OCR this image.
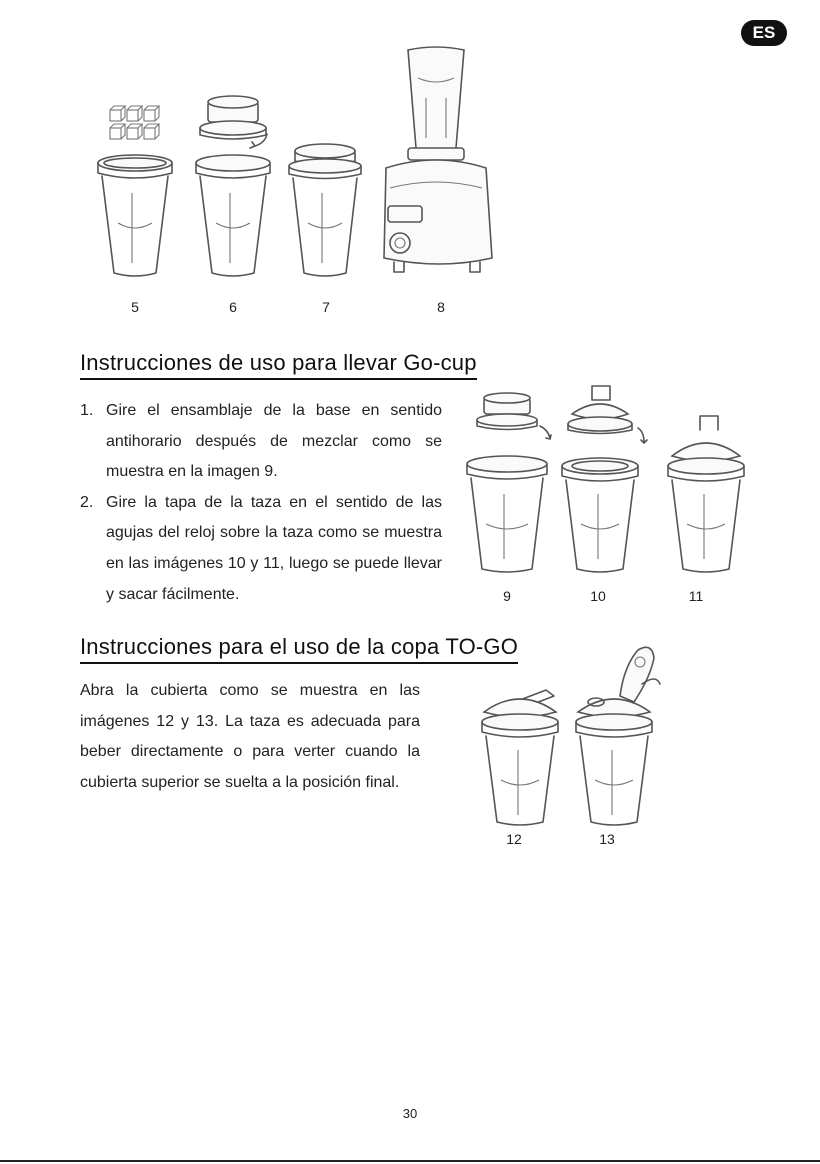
ES
5	6	7	8
Instrucciones de uso para llevar Go-cup
1. Gire el ensamblaje de la base en sentido antihorario después de mezclar como se muestra en la imagen 9.
2. Gire la tapa de la taza en el sentido de las agujas del reloj sobre la taza como se muestra en las imágenes 10 y 11, luego se puede llevar y sacar fácilmente.	9	10	11
Instrucciones para el uso de la copa TO-GO

Abra la cubierta como se muestra en las imágenes 12 y 13. La taza es adecuada para beber directamente o para verter cuando la cubierta superior se suelta a la posición final.

12	13
30
